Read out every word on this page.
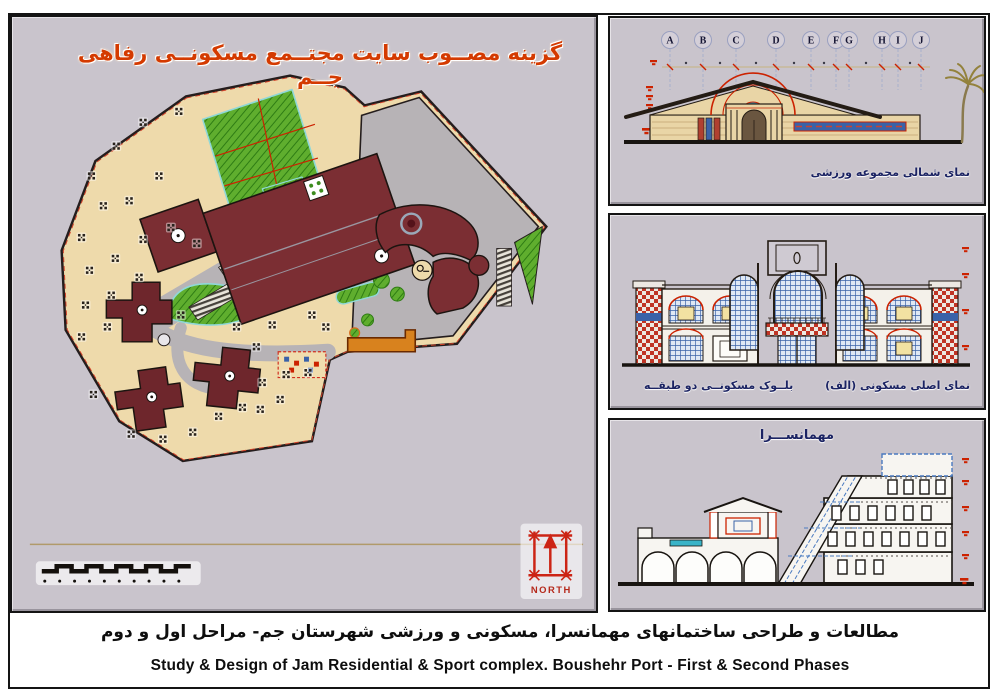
گزینه مصــوب سایت مجتــمع مسکونــی رفاهی جــم
NORTH
A	B	C	D	E F G	H I J
نمای شمالی مجموعه ورزشی
نمای اصلی مسکونی (الف)
بلــوک مسکونــی دو طبقــه
مهمانســـرا
مطالعات و طراحی ساختمانهای مهمانسرا، مسکونی و ورزشی شهرستان جم- مراحل اول و دوم
Study & Design of Jam Residential & Sport complex. Boushehr Port - First & Second Phases
